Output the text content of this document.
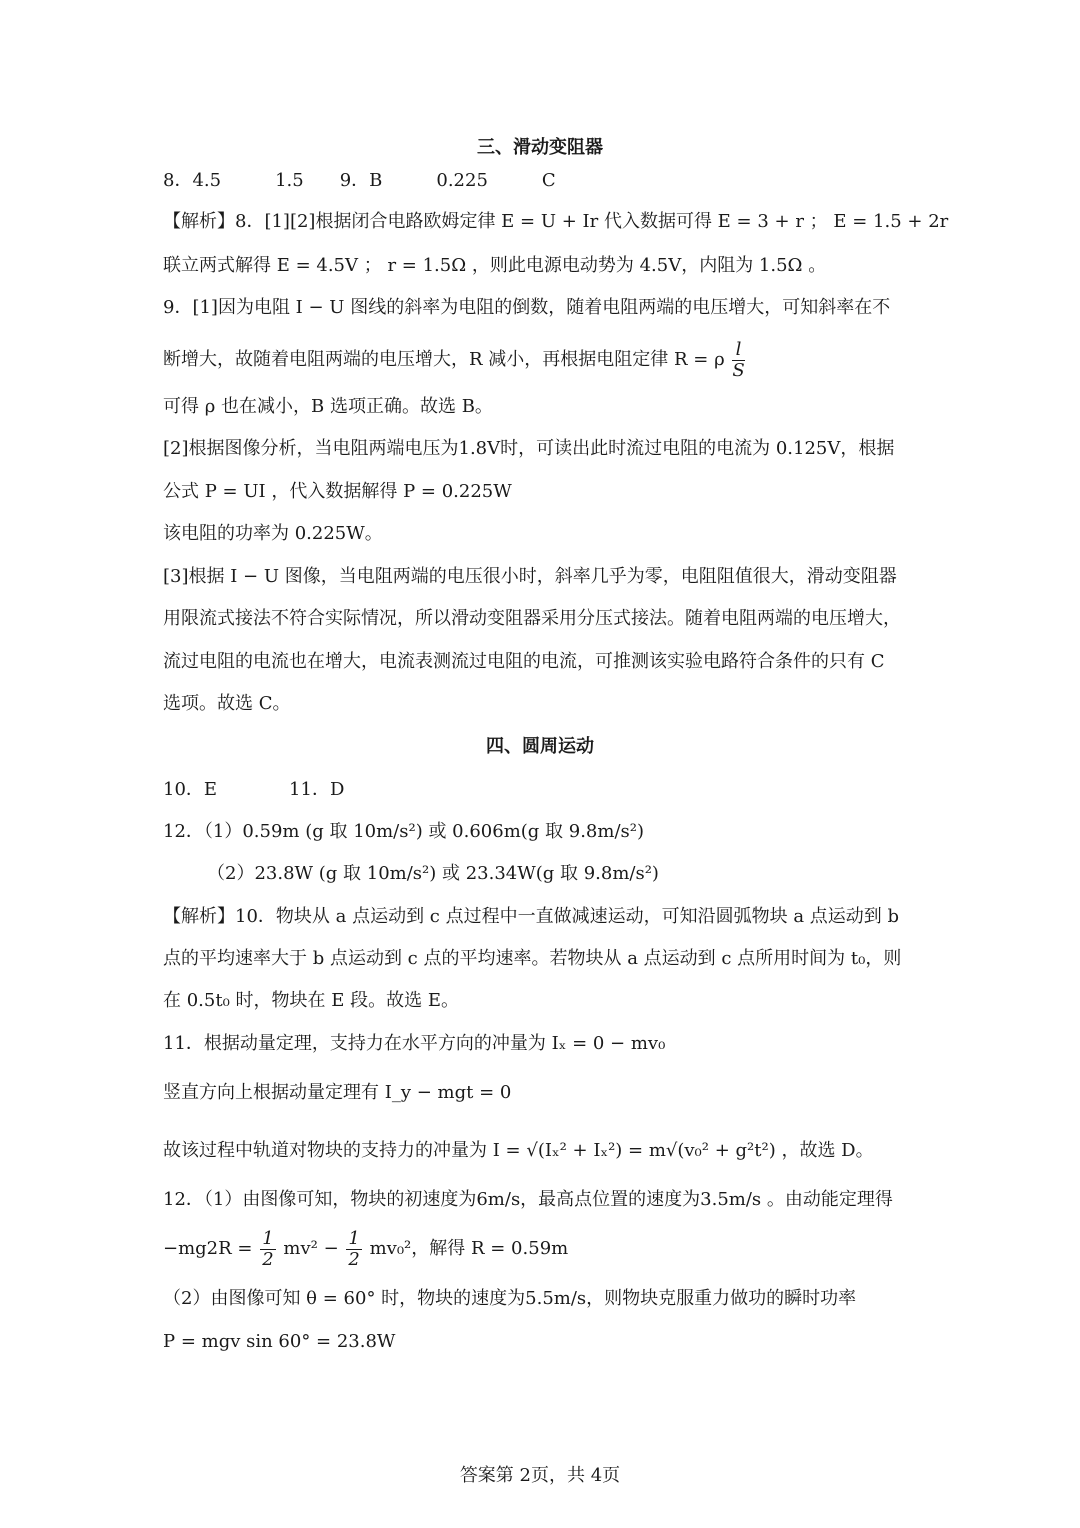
三、滑动变阻器
8．4.5　　　1.5　　9．B　　　0.225　　　C
【解析】8．[1][2]根据闭合电路欧姆定律 E = U + Ir 代入数据可得 E = 3 + r ； E = 1.5 + 2r
联立两式解得 E = 4.5V ； r = 1.5Ω ，则此电源电动势为 4.5V，内阻为 1.5Ω 。
9．[1]因为电阻 I − U 图线的斜率为电阻的倒数，随着电阻两端的电压增大，可知斜率在不
断增大，故随着电阻两端的电压增大，R 减小，再根据电阻定律 R = ρ $\frac{l}{S}$
可得 ρ 也在减小，B 选项正确。故选 B。
[2]根据图像分析，当电阻两端电压为1.8V时，可读出此时流过电阻的电流为 0.125V，根据
公式 P = UI ，代入数据解得 P = 0.225W
该电阻的功率为 0.225W。
[3]根据 I − U 图像，当电阻两端的电压很小时，斜率几乎为零，电阻阻值很大，滑动变阻器
用限流式接法不符合实际情况，所以滑动变阻器采用分压式接法。随着电阻两端的电压增大，
流过电阻的电流也在增大，电流表测流过电阻的电流，可推测该实验电路符合条件的只有 C
选项。故选 C。
四、圆周运动
10．E　　　　11．D
12．（1）0.59m (g 取 10m/s²) 或 0.606m(g 取 9.8m/s²)
（2）23.8W (g 取 10m/s²) 或 23.34W(g 取 9.8m/s²)
【解析】10．物块从 a 点运动到 c 点过程中一直做减速运动，可知沿圆弧物块 a 点运动到 b
点的平均速率大于 b 点运动到 c 点的平均速率。若物块从 a 点运动到 c 点所用时间为 t₀，则
在 0.5t₀ 时，物块在 E 段。故选 E。
11．根据动量定理，支持力在水平方向的冲量为 Iₓ = 0 − mv₀
竖直方向上根据动量定理有 I_y − mgt = 0
故该过程中轨道对物块的支持力的冲量为 I = √(Iₓ² + Iₓ²) = m√(v₀² + g²t²) ，故选 D。
12．（1）由图像可知，物块的初速度为6m/s，最高点位置的速度为3.5m/s 。由动能定理得
$-mg2R = \frac{1}{2} mv^2 - \frac{1}{2} mv_0^2$，解得 R = 0.59m
（2）由图像可知 θ = 60° 时，物块的速度为5.5m/s，则物块克服重力做功的瞬时功率
P = mgv sin 60° = 23.8W
答案第 2页，共 4页
